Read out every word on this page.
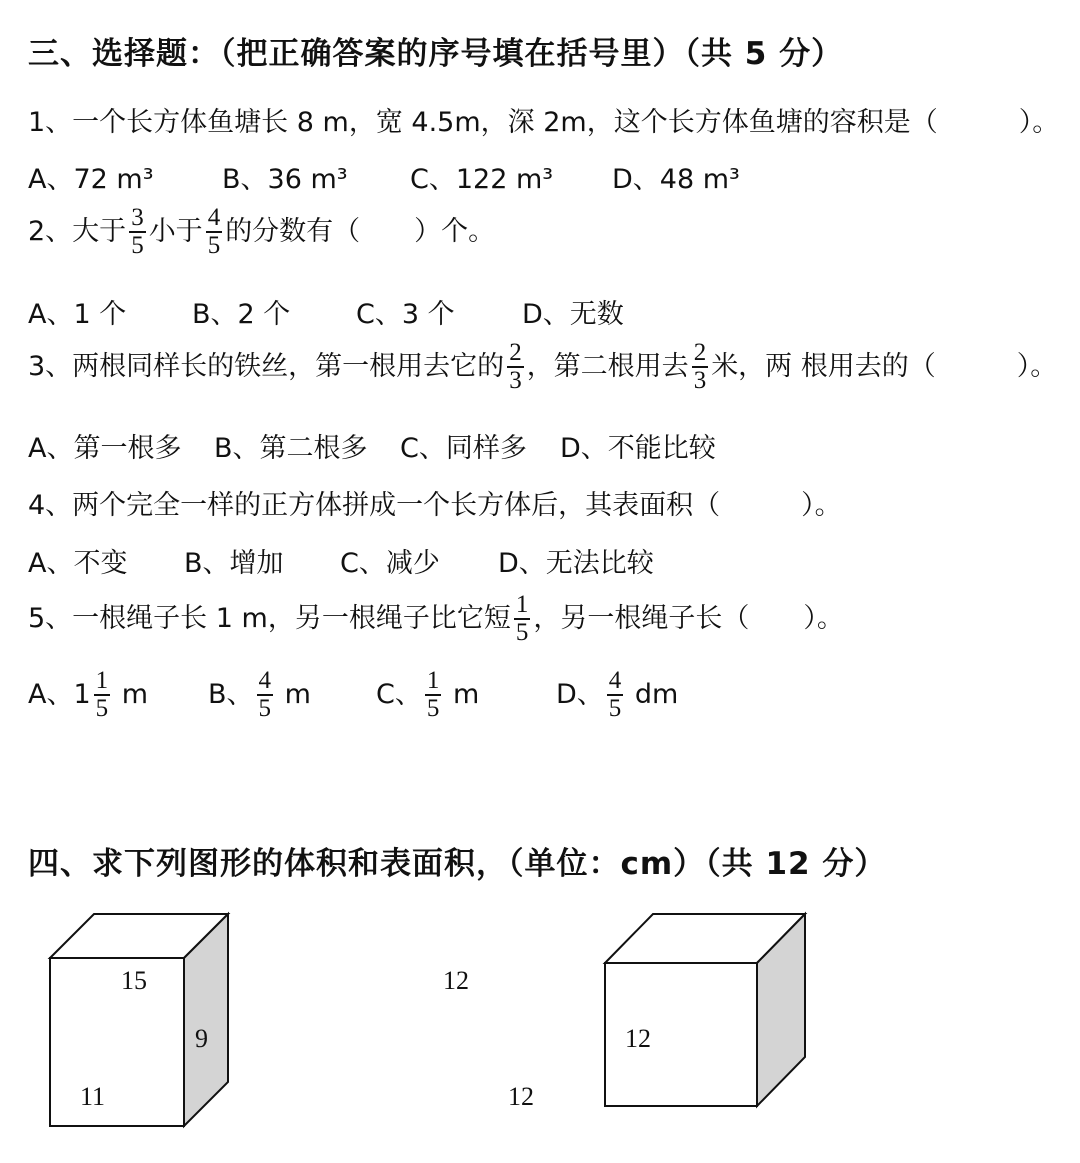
三、选择题：（把正确答案的序号填在括号里）（共 5 分）
1、一个长方体鱼塘长 8 m，宽 4.5m，深 2m，这个长方体鱼塘的容积是（　　　）。
A、72 m³	B、36 m³ C、122 m³ D、48 m³
2、大于 $\frac{3}{5}$ 小于 $\frac{4}{5}$ 的分数有（　　）个。
A、1 个 B、2 个 C、3 个 D、无数
3、两根同样长的铁丝，第一根用去它的 $\frac{2}{3}$ ，第二根用去 $\frac{2}{3}$ 米，两 根用去的（　　　）。
A、第一根多 B、第二根多 C、同样多 D、不能比较
4、两个完全一样的正方体拼成一个长方体后，其表面积（　　　）。
A、不变 B、增加 C、减少 D、无法比较
5、一根绳子长 1 m，另一根绳子比它短 $\frac{1}{5}$ ，另一根绳子长（　　）。
A、$1 \frac{1}{5}$ m B、 $\frac{4}{5}$ m C、 $\frac{1}{5}$ m	D、 $\frac{4}{5}$ dm
四、求下列图形的体积和表面积，（单位：cm）（共 12 分）
15
9
11
12
12
12
